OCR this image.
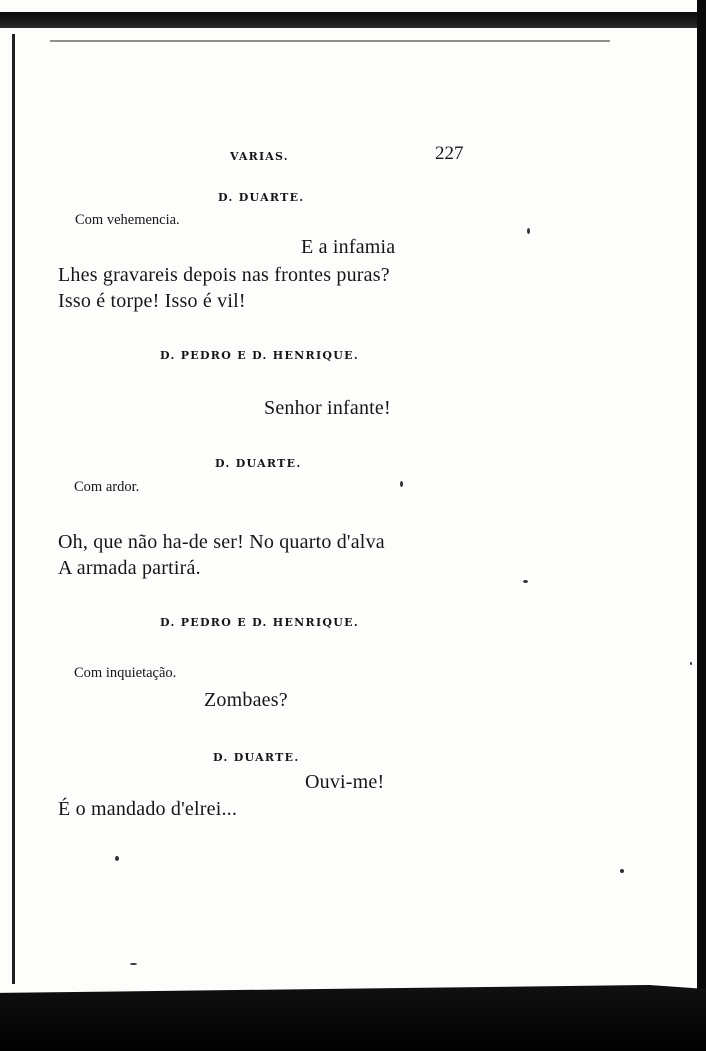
VARIAS.	227
D. DUARTE.
Com vehemencia.
E a infamia
Lhes gravareis depois nas frontes puras?
Isso é torpe! Isso é vil!
D. PEDRO E D. HENRIQUE.
Senhor infante!
D. DUARTE.
Com ardor.
Oh, que não ha-de ser! No quarto d'alva
A armada partirá.
D. PEDRO E D. HENRIQUE.
Com inquietação.
Zombaes?
D. DUARTE.
Ouvi-me!
É o mandado d'elrei...
